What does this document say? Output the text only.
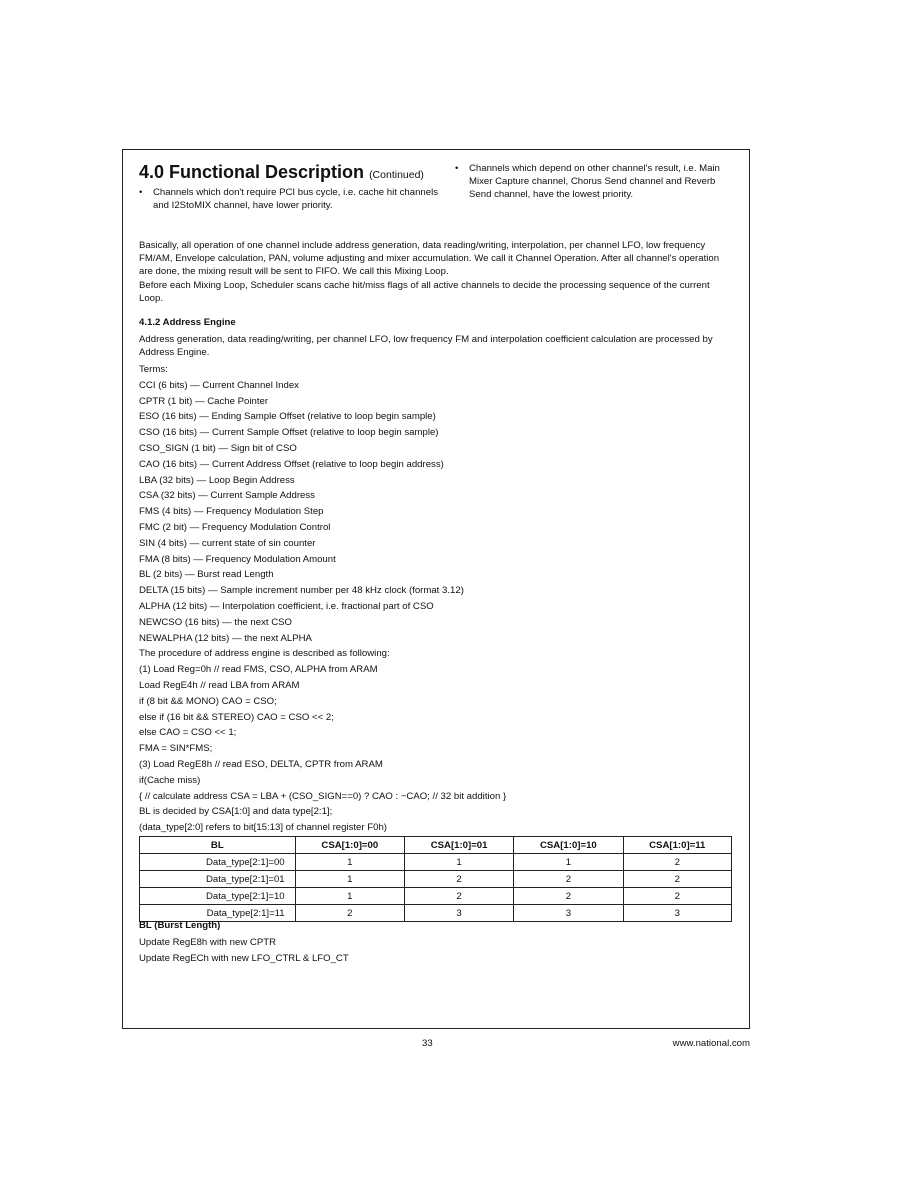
4.0 Functional Description (Continued)

• Channels which don't require PCI bus cycle, i.e. cache hit channels and I2StoMIX channel, have lower priority.

• Channels which depend on other channel's result, i.e. Main Mixer Capture channel, Chorus Send channel and Reverb Send channel, have the lowest priority.

Basically, all operation of one channel include address generation, data reading/writing, interpolation, per channel LFO, low frequency FM/AM, Envelope calculation, PAN, volume adjusting and mixer accumulation. We call it Channel Operation. After all channel's operation are done, the mixing result will be sent to FIFO. We call this Mixing Loop.

Before each Mixing Loop, Scheduler scans cache hit/miss flags of all active channels to decide the processing sequence of the current Loop.

4.1.2 Address Engine

Address generation, data reading/writing, per channel LFO, low frequency FM and interpolation coefficient calculation are processed by Address Engine.

Terms:
CCI (6 bits) — Current Channel Index
CPTR (1 bit) — Cache Pointer
ESO (16 bits) — Ending Sample Offset (relative to loop begin sample)
CSO (16 bits) — Current Sample Offset (relative to loop begin sample)
CSO_SIGN (1 bit) — Sign bit of CSO
CAO (16 bits) — Current Address Offset (relative to loop begin address)
LBA (32 bits) — Loop Begin Address
CSA (32 bits) — Current Sample Address
FMS (4 bits) — Frequency Modulation Step
FMC (2 bit) — Frequency Modulation Control
SIN (4 bits) — current state of sin counter
FMA (8 bits) — Frequency Modulation Amount
BL (2 bits) — Burst read Length
DELTA (15 bits) — Sample increment number per 48 kHz clock (format 3.12)
ALPHA (12 bits) — Interpolation coefficient, i.e. fractional part of CSO
NEWCSO (16 bits) — the next CSO
NEWALPHA (12 bits) — the next ALPHA
The procedure of address engine is described as following:
(1) Load Reg=0h // read FMS, CSO, ALPHA from ARAM
Load RegE4h // read LBA from ARAM
if (8 bit && MONO) CAO = CSO;
else if (16 bit && STEREO) CAO = CSO << 2;
else CAO = CSO << 1;
FMA = SIN*FMS;
(3) Load RegE8h // read ESO, DELTA, CPTR from ARAM
if(Cache miss)
{ // calculate address CSA = LBA + (CSO_SIGN==0) ? CAO : −CAO; // 32 bit addition }
BL is decided by CSA[1:0] and data type[2:1];
(data_type[2:0] refers to bit[15:13] of channel register F0h)
BL	CSA[1:0]=00	CSA[1:0]=01	CSA[1:0]=10	CSA[1:0]=11
Data_type[2:1]=00	1	1	1	2
Data_type[2:1]=01	1	2	2	2
Data_type[2:1]=10	1	2	2	2
Data_type[2:1]=11	2	3	3	3

BL (Burst Length)

Update RegE8h with new CPTR
Update RegECh with new LFO_CTRL & LFO_CT
33	www.national.com
